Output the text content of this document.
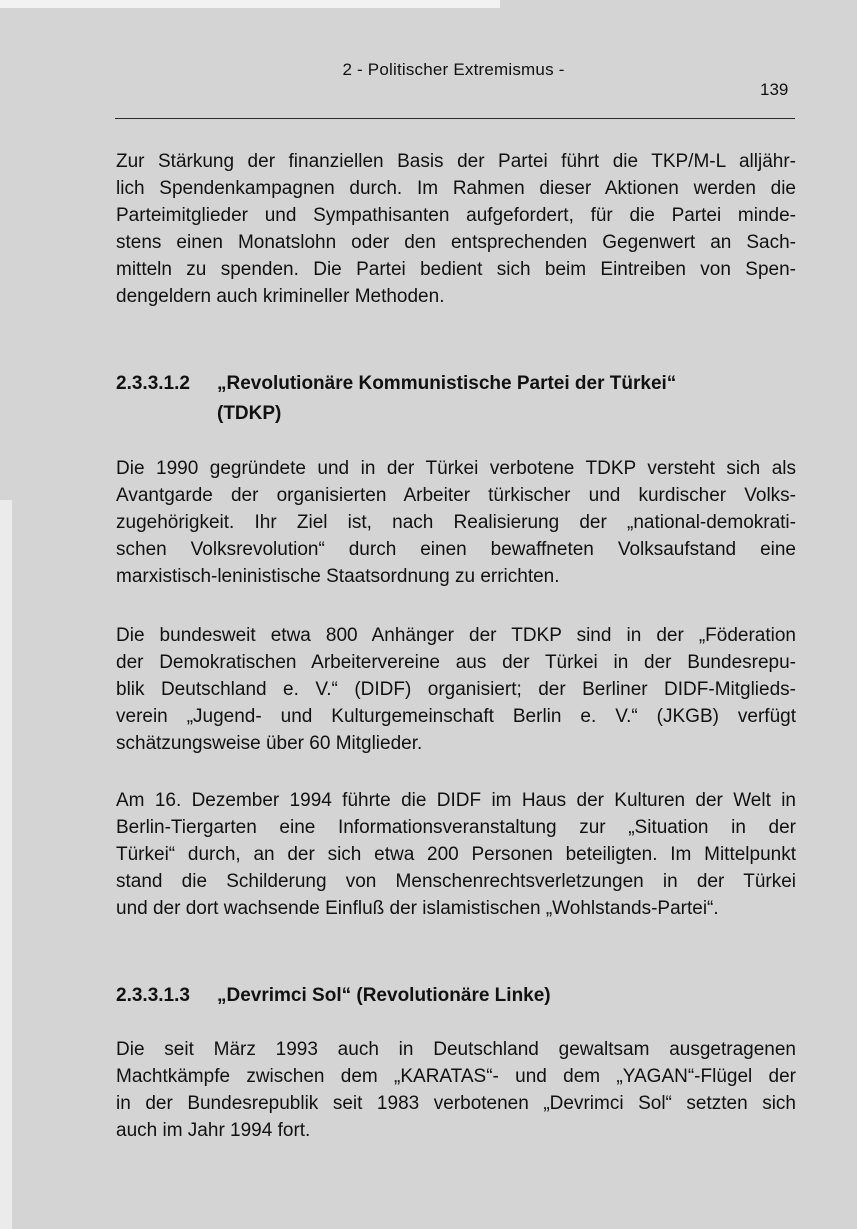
2 - Politischer Extremismus -
139
Zur Stärkung der finanziellen Basis der Partei führt die TKP/M-L alljähr-
lich Spendenkampagnen durch. Im Rahmen dieser Aktionen werden die
Parteimitglieder und Sympathisanten aufgefordert, für die Partei minde-
stens einen Monatslohn oder den entsprechenden Gegenwert an Sach-
mitteln zu spenden. Die Partei bedient sich beim Eintreiben von Spen-
dengeldern auch krimineller Methoden.
2.3.3.1.2 „Revolutionäre Kommunistische Partei der Türkei“
(TDKP)
Die 1990 gegründete und in der Türkei verbotene TDKP versteht sich als
Avantgarde der organisierten Arbeiter türkischer und kurdischer Volks-
zugehörigkeit. Ihr Ziel ist, nach Realisierung der „national-demokrati-
schen Volksrevolution“ durch einen bewaffneten Volksaufstand eine
marxistisch-leninistische Staatsordnung zu errichten.
Die bundesweit etwa 800 Anhänger der TDKP sind in der „Föderation
der Demokratischen Arbeitervereine aus der Türkei in der Bundesrepu-
blik Deutschland e. V.“ (DIDF) organisiert; der Berliner DIDF-Mitglieds-
verein „Jugend- und Kulturgemeinschaft Berlin e. V.“ (JKGB) verfügt
schätzungsweise über 60 Mitglieder.
Am 16. Dezember 1994 führte die DIDF im Haus der Kulturen der Welt in
Berlin-Tiergarten eine Informationsveranstaltung zur „Situation in der
Türkei“ durch, an der sich etwa 200 Personen beteiligten. Im Mittelpunkt
stand die Schilderung von Menschenrechtsverletzungen in der Türkei
und der dort wachsende Einfluß der islamistischen „Wohlstands-Partei“.
2.3.3.1.3 „Devrimci Sol“ (Revolutionäre Linke)
Die seit März 1993 auch in Deutschland gewaltsam ausgetragenen
Machtkämpfe zwischen dem „KARATAS“- und dem „YAGAN“-Flügel der
in der Bundesrepublik seit 1983 verbotenen „Devrimci Sol“ setzten sich
auch im Jahr 1994 fort.
